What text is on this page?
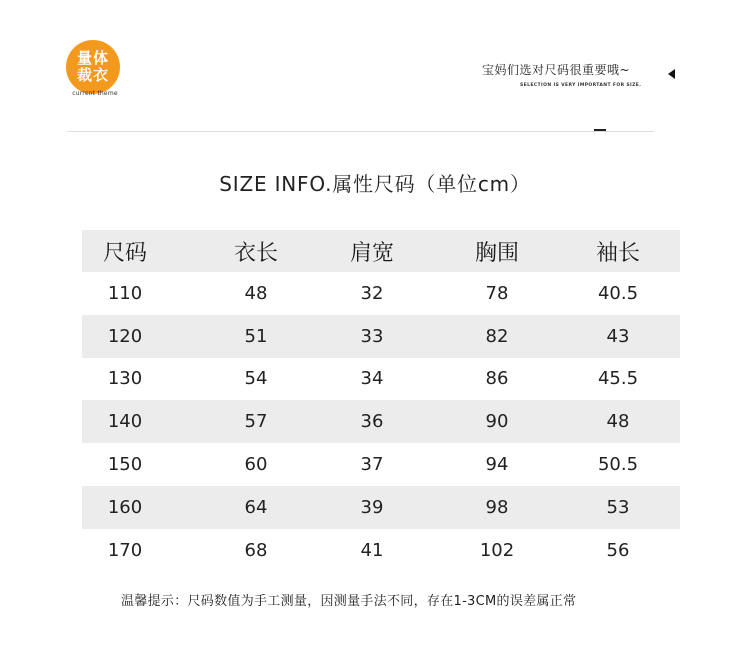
量体
裁衣
current theme
宝妈们选对尺码很重要哦~
SELECTION IS VERY IMPORTANT FOR SIZE.
SIZE INFO.属性尺码（单位cm）
尺码	衣长	肩宽	胸围	袖长
110	48	32	78	40.5
120	51	33	82	43
130	54	34	86	45.5
140	57	36	90	48
150	60	37	94	50.5
160	64	39	98	53
170	68	41	102	56
温馨提示：尺码数值为手工测量，因测量手法不同，存在1-3CM的误差属正常
